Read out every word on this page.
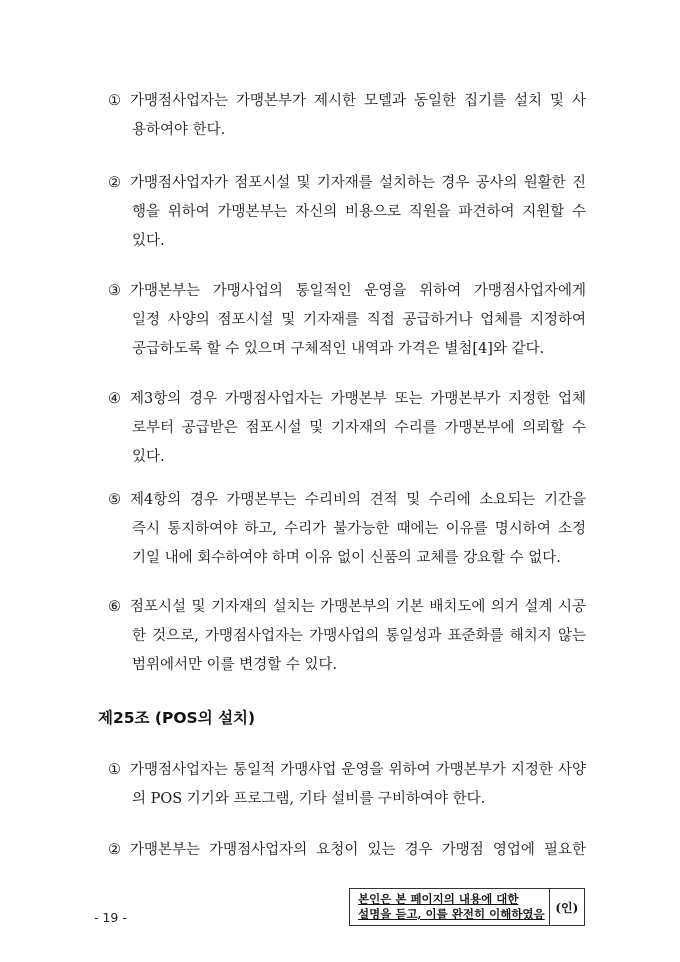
① 가맹점사업자는 가맹본부가 제시한 모델과 동일한 집기를 설치 및 사
용하여야 한다.
② 가맹점사업자가 점포시설 및 기자재를 설치하는 경우 공사의 원활한 진
행을 위하여 가맹본부는 자신의 비용으로 직원을 파견하여 지원할 수
있다.
③ 가맹본부는 가맹사업의 통일적인 운영을 위하여 가맹점사업자에게
일정 사양의 점포시설 및 기자재를 직접 공급하거나 업체를 지정하여
공급하도록 할 수 있으며 구체적인 내역과 가격은 별첨[4]와 같다.
④ 제3항의 경우 가맹점사업자는 가맹본부 또는 가맹본부가 지정한 업체
로부터 공급받은 점포시설 및 기자재의 수리를 가맹본부에 의뢰할 수
있다.
⑤ 제4항의 경우 가맹본부는 수리비의 견적 및 수리에 소요되는 기간을
즉시 통지하여야 하고, 수리가 불가능한 때에는 이유를 명시하여 소정
기일 내에 회수하여야 하며 이유 없이 신품의 교체를 강요할 수 없다.
⑥ 점포시설 및 기자재의 설치는 가맹본부의 기본 배치도에 의거 설계 시공
한 것으로, 가맹점사업자는 가맹사업의 통일성과 표준화를 해치지 않는
범위에서만 이를 변경할 수 있다.
제25조 (POS의 설치)
① 가맹점사업자는 통일적 가맹사업 운영을 위하여 가맹본부가 지정한 사양
의 POS 기기와 프로그램, 기타 설비를 구비하여야 한다.
② 가맹본부는 가맹점사업자의 요청이 있는 경우 가맹점 영업에 필요한
- 19 -
본인은 본 페이지의 내용에 대한
설명을 듣고, 이를 완전히 이해하였음 (인)
